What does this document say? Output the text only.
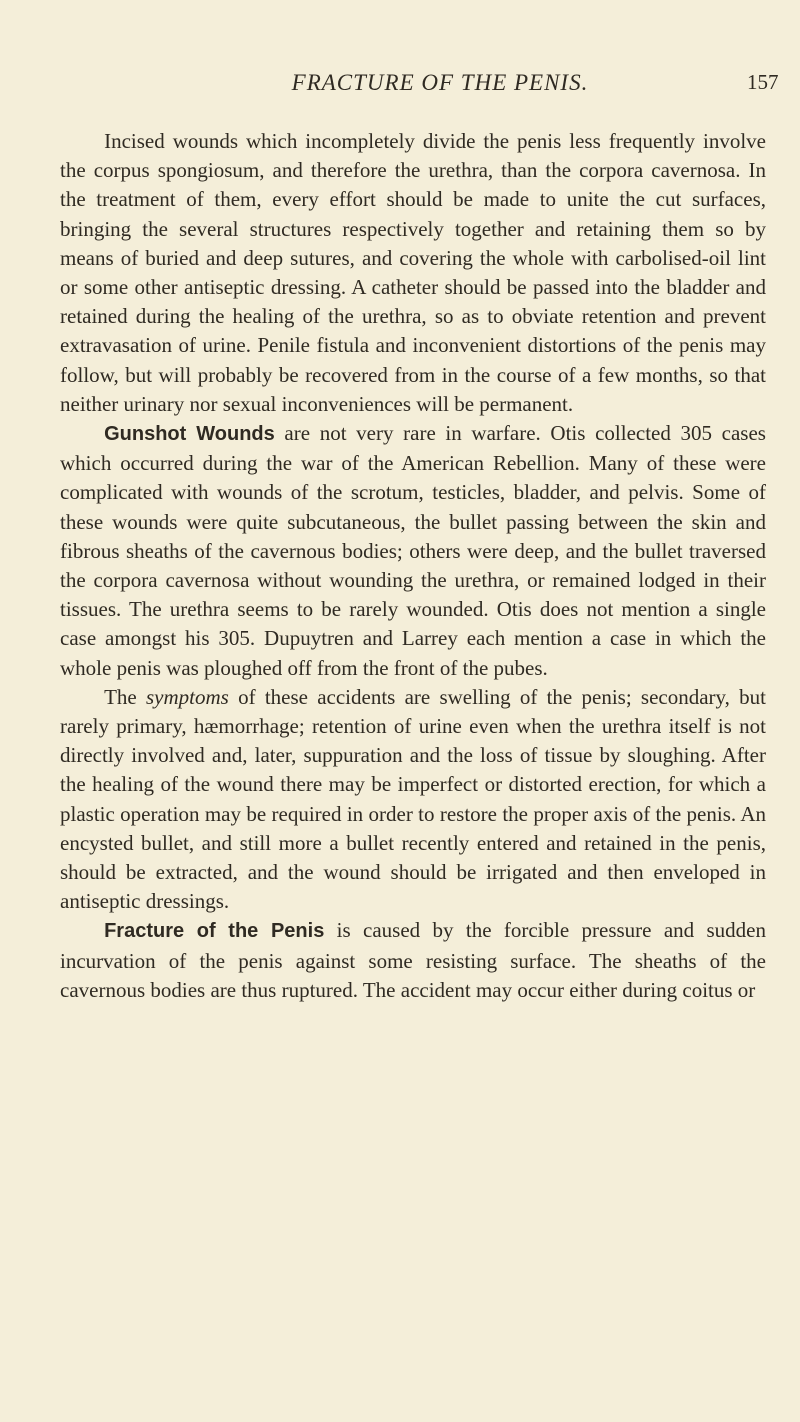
FRACTURE OF THE PENIS.	157

Incised wounds which incompletely divide the penis less frequently involve the corpus spongiosum, and therefore the urethra, than the corpora cavernosa. In the treatment of them, every effort should be made to unite the cut surfaces, bringing the several structures respectively together and retaining them so by means of buried and deep sutures, and covering the whole with carbolised-oil lint or some other antiseptic dressing. A catheter should be passed into the bladder and retained during the healing of the urethra, so as to obviate retention and prevent extravasation of urine. Penile fistula and inconvenient distortions of the penis may follow, but will probably be recovered from in the course of a few months, so that neither urinary nor sexual inconveniences will be permanent.

Gunshot Wounds are not very rare in warfare. Otis collected 305 cases which occurred during the war of the American Rebellion. Many of these were complicated with wounds of the scrotum, testicles, bladder, and pelvis. Some of these wounds were quite subcutaneous, the bullet passing between the skin and fibrous sheaths of the cavernous bodies; others were deep, and the bullet traversed the corpora cavernosa without wounding the urethra, or remained lodged in their tissues. The urethra seems to be rarely wounded. Otis does not mention a single case amongst his 305. Dupuytren and Larrey each mention a case in which the whole penis was ploughed off from the front of the pubes.

The symptoms of these accidents are swelling of the penis; secondary, but rarely primary, hæmorrhage; retention of urine even when the urethra itself is not directly involved and, later, suppuration and the loss of tissue by sloughing. After the healing of the wound there may be imperfect or distorted erection, for which a plastic operation may be required in order to restore the proper axis of the penis. An encysted bullet, and still more a bullet recently entered and retained in the penis, should be extracted, and the wound should be irrigated and then enveloped in antiseptic dressings.

Fracture of the Penis is caused by the forcible pressure and sudden incurvation of the penis against some resisting surface. The sheaths of the cavernous bodies are thus ruptured. The accident may occur either during coitus or
